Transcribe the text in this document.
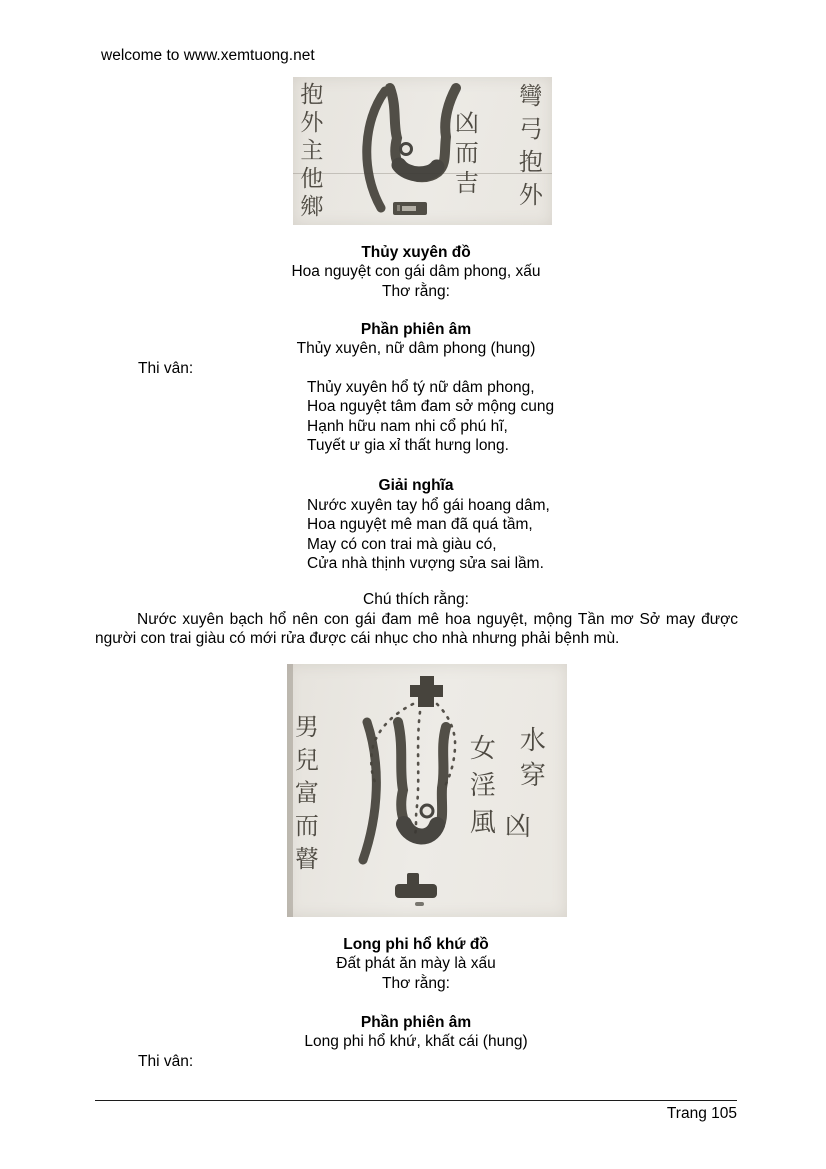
welcome to www.xemtuong.net
抱外主他鄉	凶而吉 彎弓抱外
Thủy xuyên đồ
Hoa nguyệt con gái dâm phong, xấu
Thơ rằng:
Phần phiên âm
Thủy xuyên, nữ dâm phong (hung)
Thi vân:
Thủy xuyên hổ tý nữ dâm phong,
Hoa nguyệt tâm đam sở mộng cung
Hạnh hữu nam nhi cổ phú hĩ,
Tuyết ư gia xỉ thất hưng long.
Giải nghĩa
Nước xuyên tay hổ gái hoang dâm,
Hoa nguyệt mê man đã quá tầm,
May có con trai mà giàu có,
Cửa nhà thịnh vượng sửa sai lầm.
Chú thích rằng:
Nước xuyên bạch hổ nên con gái đam mê hoa nguyệt, mộng Tần mơ Sở may được người con trai giàu có mới rửa được cái nhục cho nhà nhưng phải bệnh mù.
男兒富而瞽	女淫風 水穿
凶
Long phi hổ khứ đồ
Đất phát ăn mày là xấu
Thơ rằng:
Phần phiên âm
Long phi hổ khứ, khất cái (hung)
Thi vân:
Trang 105
